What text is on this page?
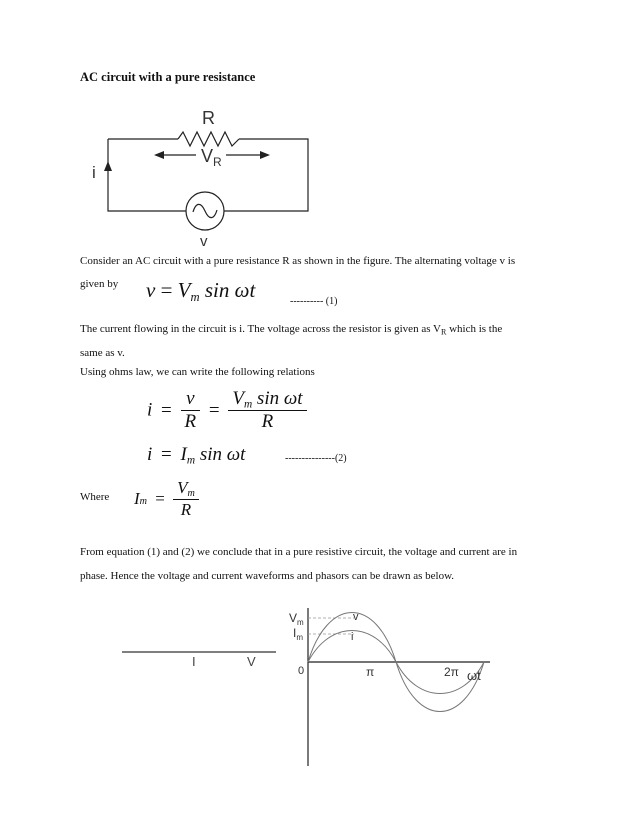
AC circuit with a pure resistance
R
$V_R$
i
v
Consider an AC circuit with a pure resistance R as shown in the figure. The alternating voltage v is
given by $v = V_m$ sin ωt	---------- (1)
The current flowing in the circuit is i. The voltage across the resistor is given as $V_R$ which is the
same as v.
Using ohms law, we can write the following relations
$i = \frac{v}{R} = \frac{V_m \sin \omega t}{R}$
$i = I_m$ sin ωt	---------------(2)
Where $Im = \frac{V_m}{R}$
From equation (1) and (2) we conclude that in a pure resistive circuit, the voltage and current are in
phase. Hence the voltage and current waveforms and phasors can be drawn as below.
I	V
$V_m$
$I_m$
v
i
0	π	2π ωt
